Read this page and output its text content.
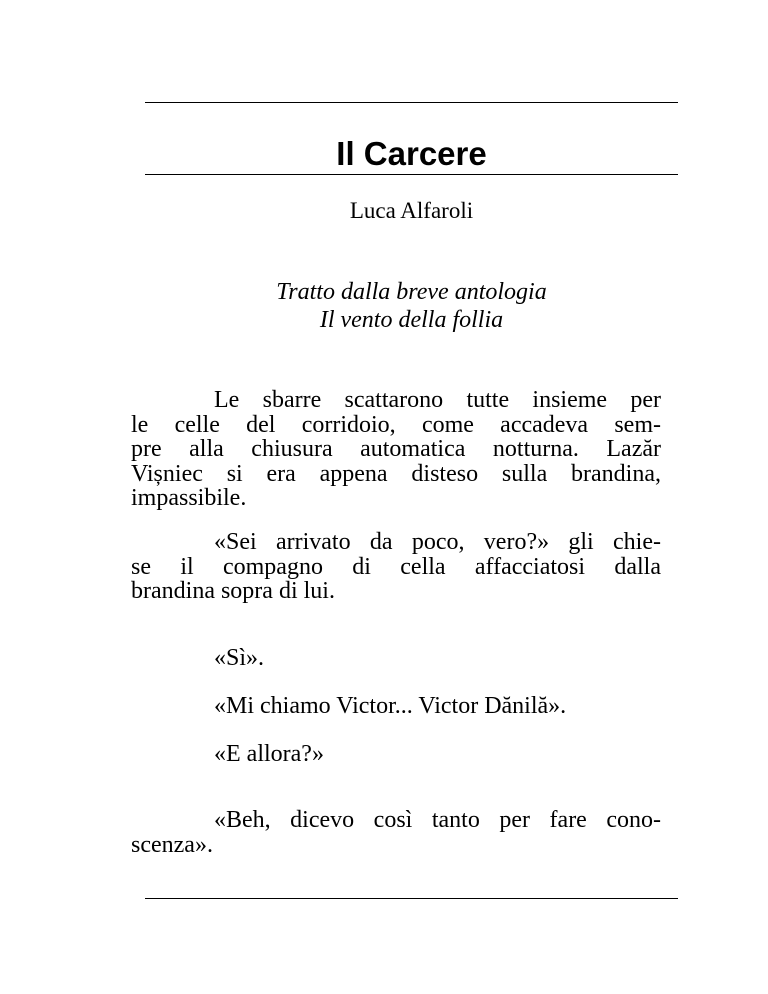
Il Carcere
Luca Alfaroli
Tratto dalla breve antologia
Il vento della follia
Le sbarre scattarono tutte insieme per
le celle del corridoio, come accadeva sem-
pre alla chiusura automatica notturna. Lazăr
Vișniec si era appena disteso sulla brandina,
impassibile.
«Sei arrivato da poco, vero?» gli chie-
se il compagno di cella affacciatosi dalla
brandina sopra di lui.
«Sì».
«Mi chiamo Victor... Victor Dănilă».
«E allora?»
«Beh, dicevo così tanto per fare cono-
scenza».
